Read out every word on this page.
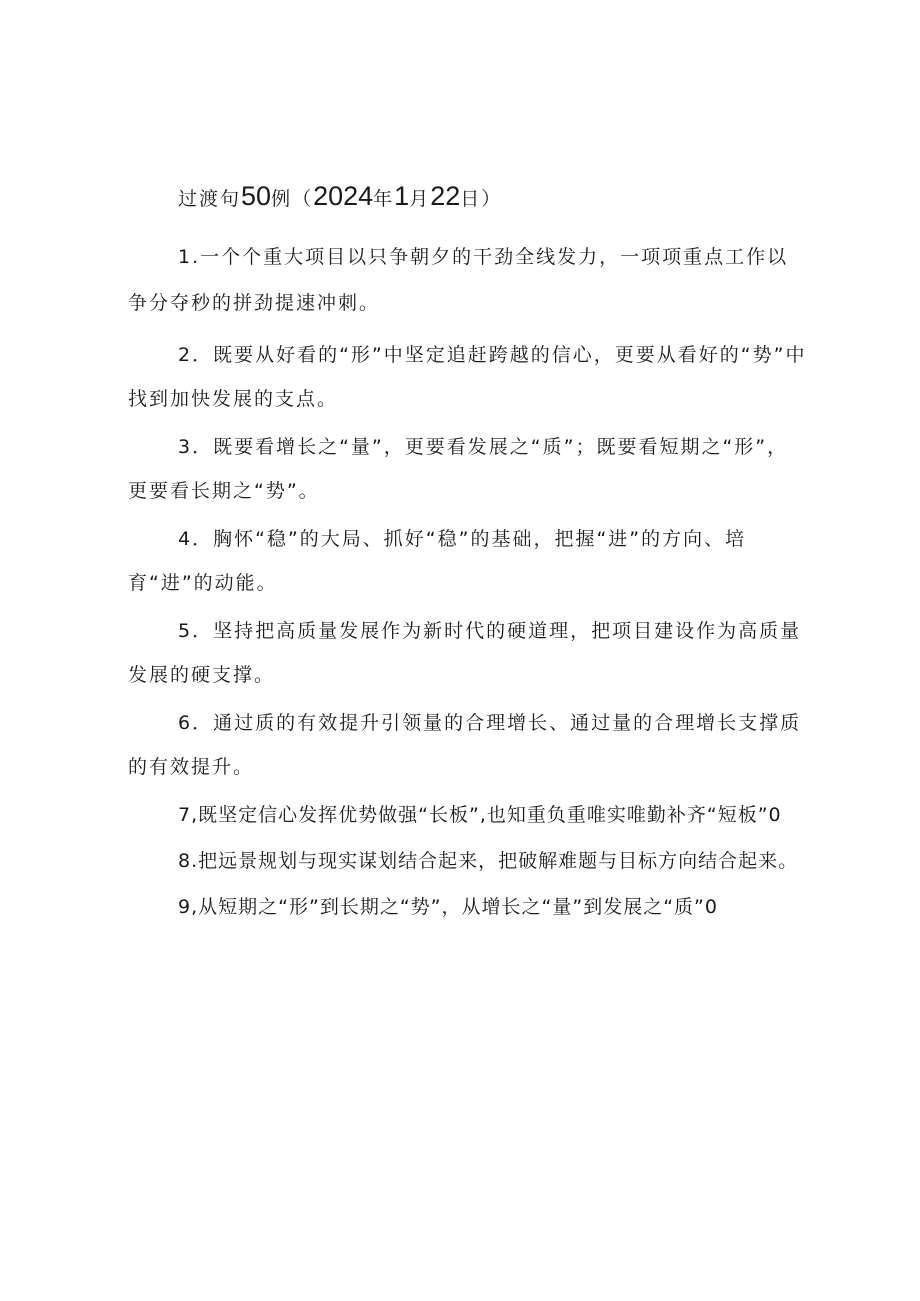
过渡句50例（2024年1月22日）

1.一个个重大项目以只争朝夕的干劲全线发力，一项项重点工作以争分夺秒的拼劲提速冲刺。

2．既要从好看的“形”中坚定追赶跨越的信心，更要从看好的“势”中找到加快发展的支点。

3．既要看增长之“量”，更要看发展之“质”；既要看短期之“形”，更要看长期之“势”。

4．胸怀“稳”的大局、抓好“稳”的基础，把握“进”的方向、培育“进”的动能。

5．坚持把高质量发展作为新时代的硬道理，把项目建设作为高质量发展的硬支撑。

6．通过质的有效提升引领量的合理增长、通过量的合理增长支撑质的有效提升。

7,既坚定信心发挥优势做强“长板”,也知重负重唯实唯勤补齐“短板”0

8.把远景规划与现实谋划结合起来，把破解难题与目标方向结合起来。

9,从短期之“形”到长期之“势”，从增长之“量”到发展之“质”0
